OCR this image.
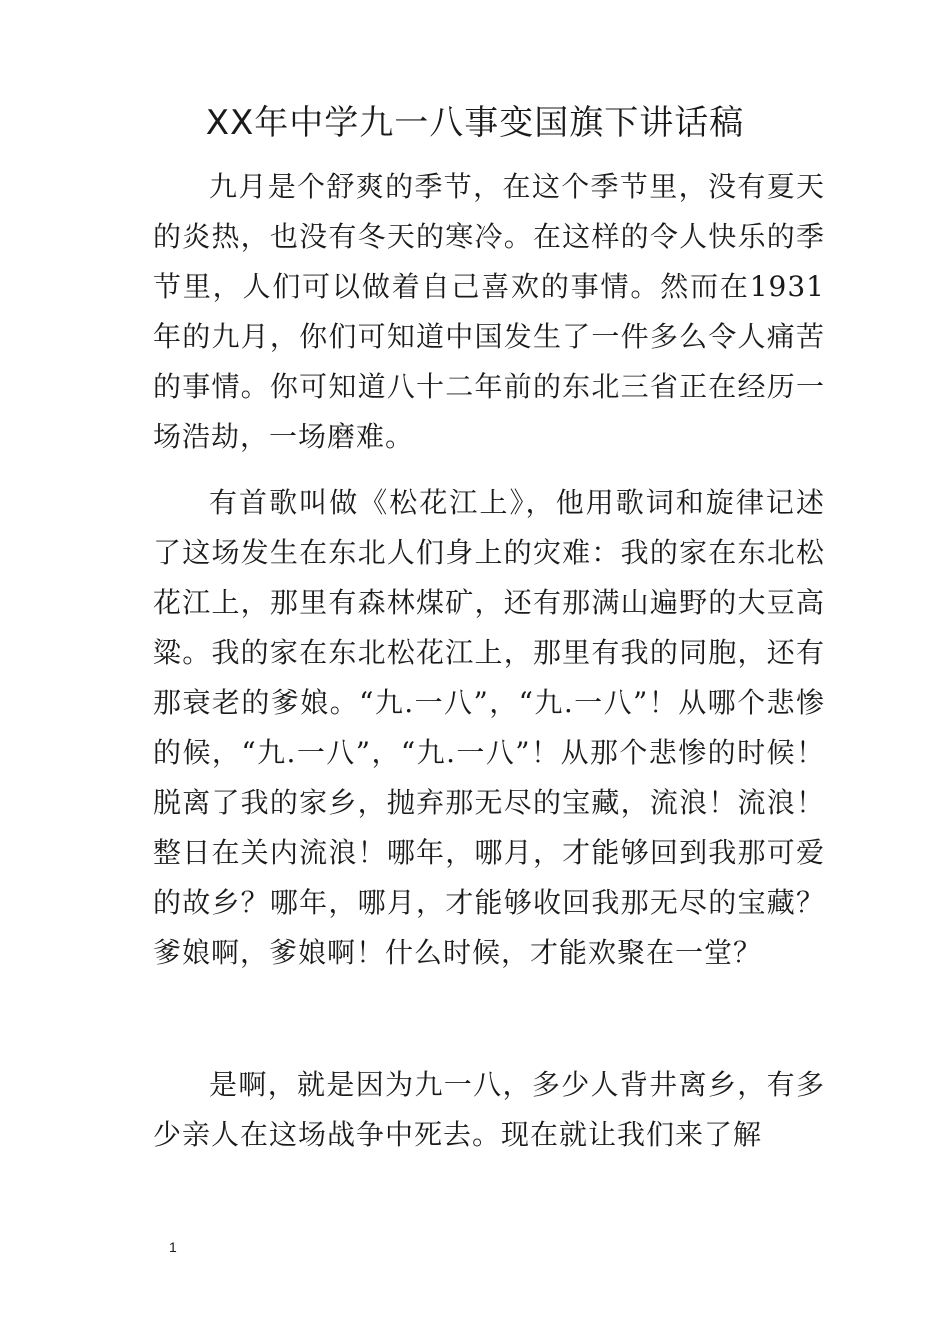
XX年中学九一八事变国旗下讲话稿

九月是个舒爽的季节，在这个季节里，没有夏天的炎热，也没有冬天的寒冷。在这样的令人快乐的季节里，人们可以做着自己喜欢的事情。然而在1931年的九月，你们可知道中国发生了一件多么令人痛苦的事情。你可知道八十二年前的东北三省正在经历一场浩劫，一场磨难。

有首歌叫做《松花江上》，他用歌词和旋律记述了这场发生在东北人们身上的灾难：我的家在东北松花江上，那里有森林煤矿，还有那满山遍野的大豆高粱。我的家在东北松花江上，那里有我的同胞，还有那衰老的爹娘。“九.一八”，“九.一八”！从哪个悲惨的候，“九.一八”，“九.一八”！从那个悲惨的时候！脱离了我的家乡，抛弃那无尽的宝藏，流浪！流浪！整日在关内流浪！哪年，哪月，才能够回到我那可爱的故乡？哪年，哪月，才能够收回我那无尽的宝藏？爹娘啊，爹娘啊！什么时候，才能欢聚在一堂？

是啊，就是因为九一八，多少人背井离乡，有多少亲人在这场战争中死去。现在就让我们来了解

1
